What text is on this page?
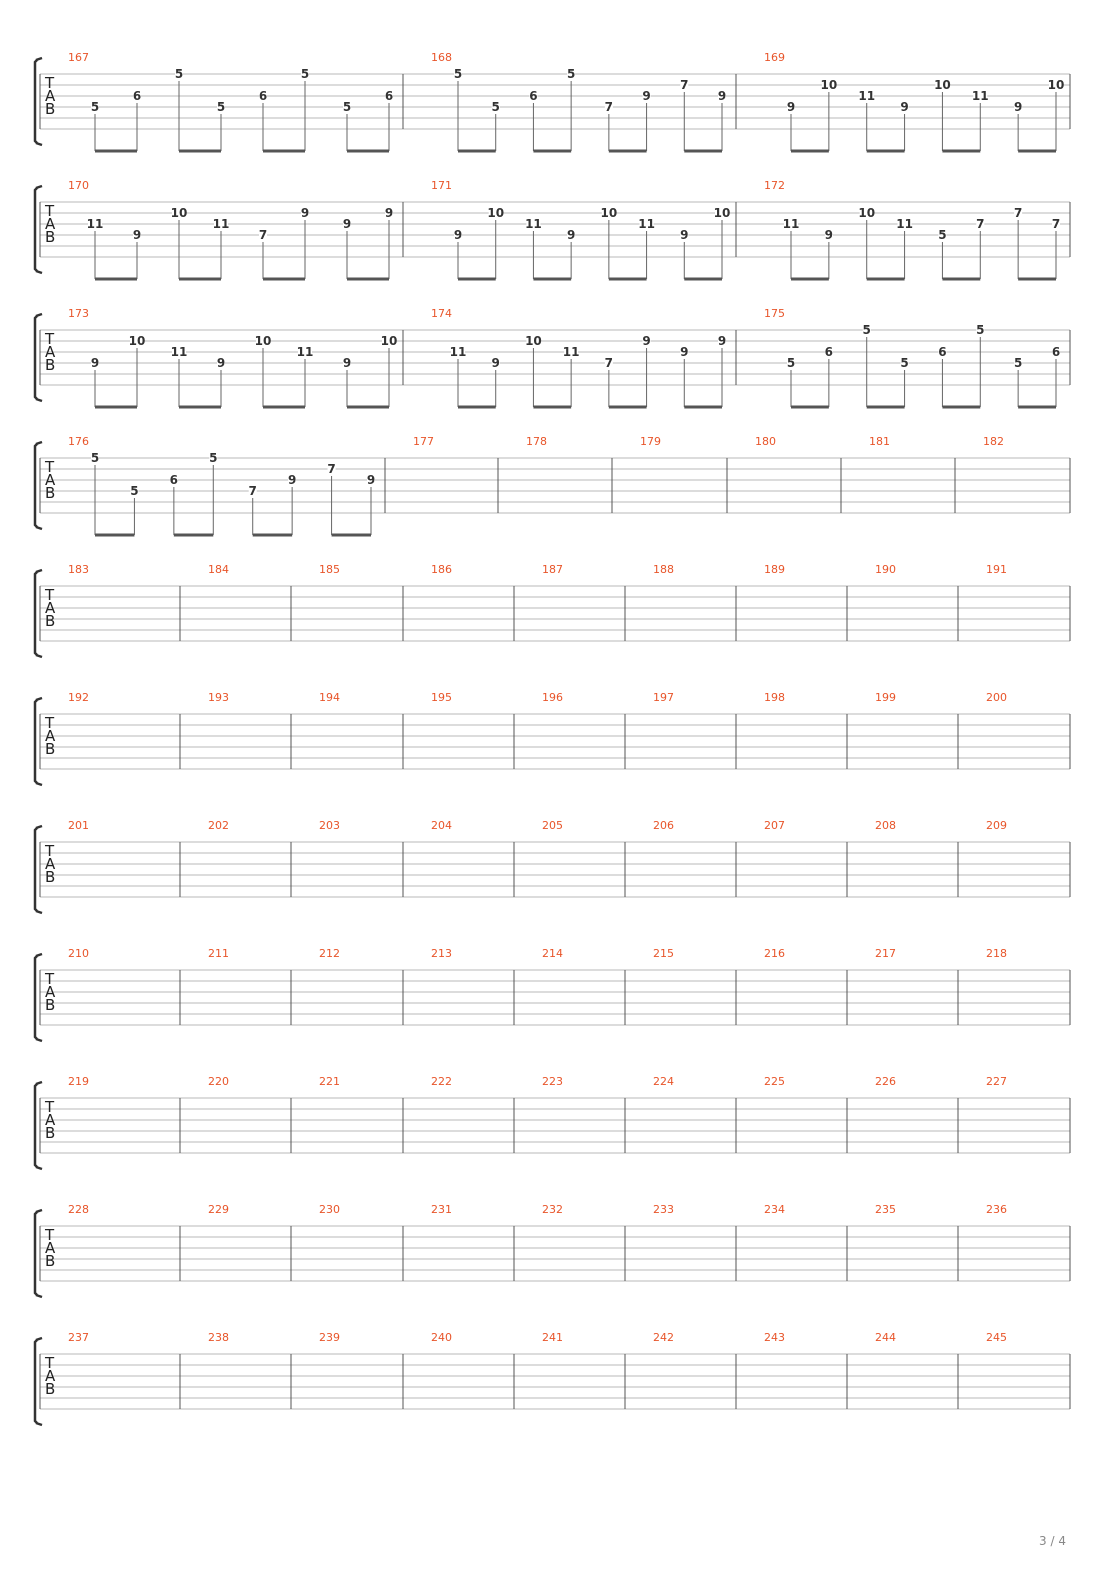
T
A
B
167
5
6
5
5
6
5
5
6
168
5
5
6
5
7
9
7
9
169
9
10
11
9
10
11
9
10
T
A
B
170
11
9
10
11
7
9
9
9
171
9
10
11
9
10
11
9
10
172
11
9
10
11
5
7
7
7
T
A
B
173
9
10
11
9
10
11
9
10
174
11
9
10
11
7
9
9
9
175
5
6
5
5
6
5
5
6
T
A
B
176
5
5
6
5
7
9
7
9
177	178	179	180	181	182
T
A
B
183	184	185	186	187	188	189	190	191
T
A
B
192	193	194	195	196	197	198	199	200
T
A
B
201	202	203	204	205	206	207	208	209
T
A
B
210	211	212	213	214	215	216	217	218
T
A
B
219	220	221	222	223	224	225	226	227
T
A
B
228	229	230	231	232	233	234	235	236
T
A
B
237	238	239	240	241	242	243	244	245
3 / 4
